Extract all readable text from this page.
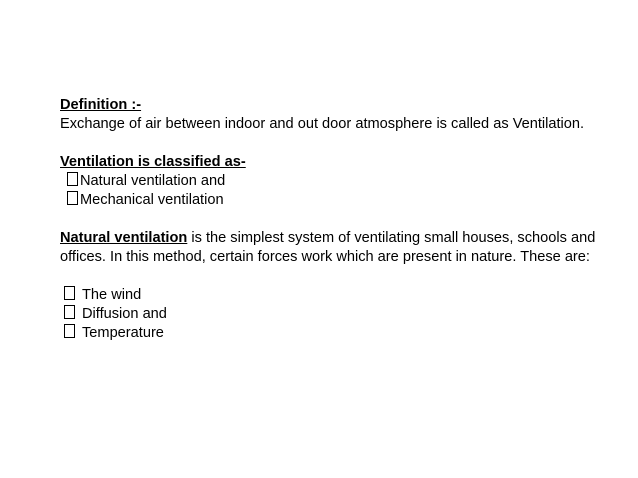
Definition :-
Exchange of air between indoor and out door atmosphere is called as Ventilation.
Ventilation is classified as-
Natural ventilation and
Mechanical ventilation
Natural ventilation is the simplest system of ventilating small houses, schools and
offices. In this method, certain forces work which are present in nature. These are:
The wind
Diffusion and
Temperature
